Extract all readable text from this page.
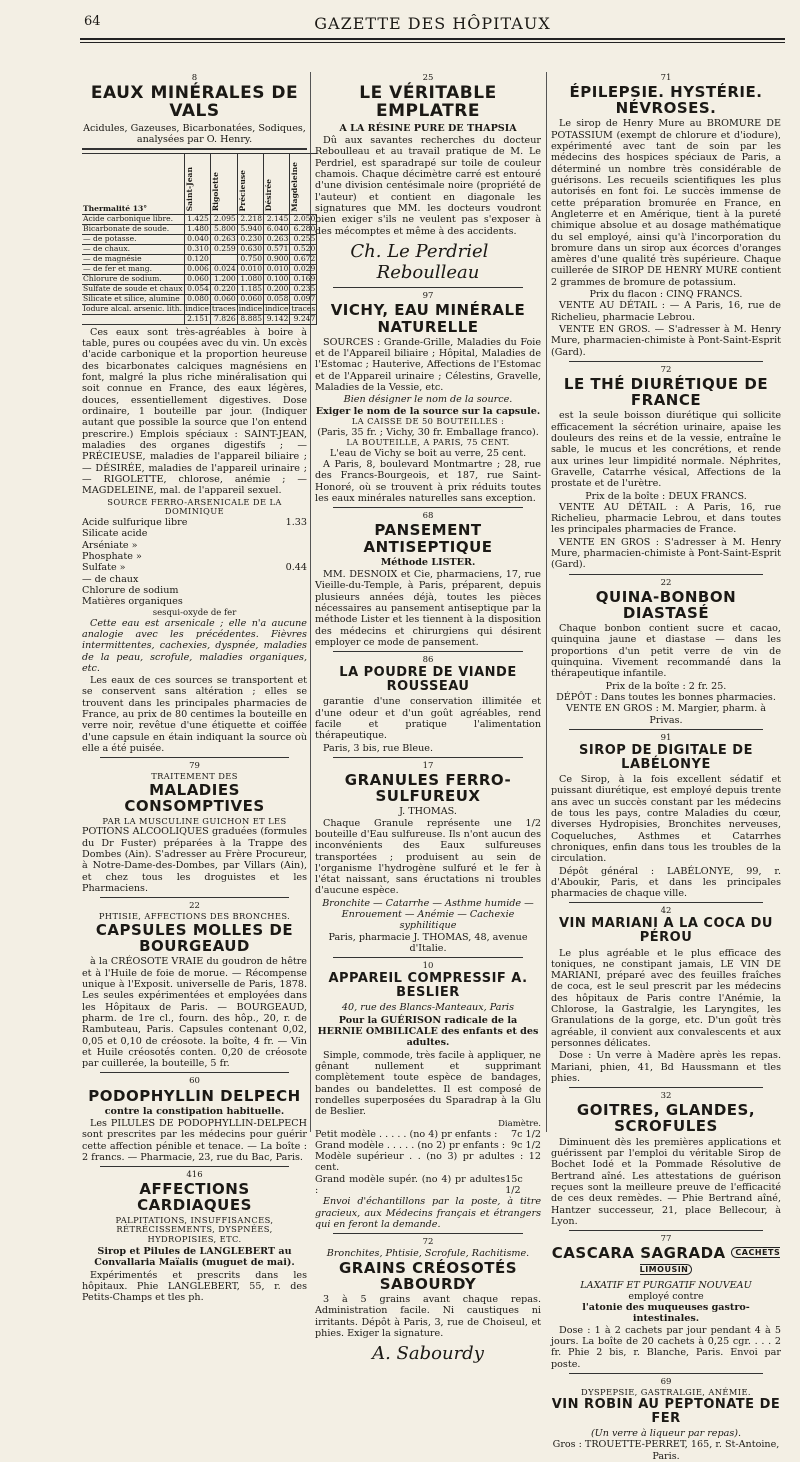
64	GAZETTE DES HÔPITAUX
8
EAUX MINÉRALES DE VALS
Acidules, Gazeuses, Bicarbonatées, Sodiques, analysées par O. Henry.
Thermalité 13°	Saint-Jean	Rigolette	Précieuse	Désirée	Magdeleine
Acide carbonique libre.	1.425	2.095	2.218	2.145	2.050
Bicarbonate de soude.	1.480	5.800	5.940	6.040	6.280
— de potasse.	0.040	0.263	0.230	0.263	0.255
— de chaux.	0.310	0.259	0.630	0.571	0.520
— de magnésie	0.120		0.750	0.900	0.672
— de fer et mang.	0.006	0.024	0.010	0.010	0.029
Chlorure de sodium.	0.060	1.200	1.080	0.100	0.169
Sulfate de soude et chaux	0.054	0.220	1.185	0.200	0.235
Silicate et silice, alumine	0.080	0.060	0.060	0.058	0.097
Iodure alcal. arsenic. lith.	indice	traces	indice	indice	traces
	2.151	7.826	8.885	9.142	9.247

Ces eaux sont très-agréables à boire à table, pures ou coupées avec du vin. Un excès d'acide carbonique et la proportion heureuse des bicarbonates calciques magnésiens en font, malgré la plus riche minéralisation qui soit connue en France, des eaux légères, douces, essentiellement digestives. Dose ordinaire, 1 bouteille par jour. (Indiquer autant que possible la source que l'on entend prescrire.) Emplois spéciaux : SAINT-JEAN, maladies des organes digestifs ; — PRÉCIEUSE, maladies de l'appareil biliaire ; — DÉSIRÉE, maladies de l'appareil urinaire ; — RIGOLETTE, chlorose, anémie ; — MAGDELEINE, mal. de l'appareil sexuel.

SOURCE FERRO-ARSENICALE DE LA DOMINIQUE
Acide sulfurique libre	1.33
Silicate acide
Arséniate »
Phosphate »
Sulfate »	0.44
— de chaux
Chlorure de sodium
Matières organiques
sesqui-oxyde de fer

Cette eau est arsenicale ; elle n'a aucune analogie avec les précédentes. Fièvres intermittentes, cachexies, dyspnée, maladies de la peau, scrofule, maladies organiques, etc.

Les eaux de ces sources se transportent et se conservent sans altération ; elles se trouvent dans les principales pharmacies de France, au prix de 80 centimes la bouteille en verre noir, revêtue d'une étiquette et coiffée d'une capsule en étain indiquant la source où elle a été puisée.

79
TRAITEMENT DES
MALADIES CONSOMPTIVES
PAR LA MUSCULINE GUICHON ET LES

POTIONS ALCOOLIQUES graduées (formules du Dr Fuster) préparées à la Trappe des Dombes (Ain). S'adresser au Frère Procureur, à Notre-Dame-des-Dombes, par Villars (Ain), et chez tous les droguistes et les Pharmaciens.

22
PHTISIE, AFFECTIONS DES BRONCHES.
CAPSULES MOLLES DE BOURGEAUD

à la CRÉOSOTE VRAIE du goudron de hêtre et à l'Huile de foie de morue. — Récompense unique à l'Exposit. universelle de Paris, 1878. Les seules expérimentées et employées dans les Hôpitaux de Paris. — BOURGEAUD, pharm. de 1re cl., fourn. des hôp., 20, r. de Rambuteau, Paris. Capsules contenant 0,02, 0,05 et 0,10 de créosote. la boîte, 4 fr. — Vin et Huile créosotés conten. 0,20 de créosote par cuillerée, la bouteille, 5 fr.

60
PODOPHYLLIN DELPECH
contre la constipation habituelle.

Les PILULES DE PODOPHYLLIN-DELPECH sont prescrites par les médecins pour guérir cette affection pénible et tenace. — La boîte : 2 francs. — Pharmacie, 23, rue du Bac, Paris.

416
AFFECTIONS CARDIAQUES
PALPITATIONS, INSUFFISANCES, RÉTRÉCISSEMENTS, DYSPNÉES, HYDROPISIES, ETC.
Sirop et Pilules de LANGLEBERT au Convallaria Maïalis (muguet de mai).

Expérimentés et prescrits dans les hôpitaux. Phie LANGLEBERT, 55, r. des Petits-Champs et tles ph.

25
LE VÉRITABLE EMPLATRE
A LA RÉSINE PURE DE THAPSIA

Dû aux savantes recherches du docteur Reboulleau et au travail pratique de M. Le Perdriel, est sparadrapé sur toile de couleur chamois. Chaque décimètre carré est entouré d'une division centésimale noire (propriété de l'auteur) et contient en diagonale les signatures que MM. les docteurs voudront bien exiger s'ils ne veulent pas s'exposer à des mécomptes et même à des accidents.

Ch. Le Perdriel    Reboulleau
97
VICHY, EAU MINÉRALE NATURELLE

SOURCES : Grande-Grille, Maladies du Foie et de l'Appareil biliaire ; Hôpital, Maladies de l'Estomac ; Hauterive, Affections de l'Estomac et de l'Appareil urinaire ; Célestins, Gravelle, Maladies de la Vessie, etc.

Bien désigner le nom de la source.
Exiger le nom de la source sur la capsule.
LA CAISSE DE 50 BOUTEILLES :
(Paris, 35 fr. ; Vichy, 30 fr. Emballage franco).
LA BOUTEILLE, A PARIS, 75 CENT.
L'eau de Vichy se boit au verre, 25 cent.

A Paris, 8, boulevard Montmartre ; 28, rue des Francs-Bourgeois, et 187, rue Saint-Honoré, où se trouvent à prix réduits toutes les eaux minérales naturelles sans exception.

68
PANSEMENT ANTISEPTIQUE
Méthode LISTER.

MM. DESNOIX et Cie, pharmaciens, 17, rue Vieille-du-Temple, à Paris, préparent, depuis plusieurs années déjà, toutes les pièces nécessaires au pansement antiseptique par la méthode Lister et les tiennent à la disposition des médecins et chirurgiens qui désirent employer ce mode de pansement.

86
LA POUDRE DE VIANDE ROUSSEAU

garantie d'une conservation illimitée et d'une odeur et d'un goût agréables, rend facile et pratique l'alimentation thérapeutique.

Paris, 3 bis, rue Bleue.

17
GRANULES FERRO-SULFUREUX
J. THOMAS.

Chaque Granule représente une 1/2 bouteille d'Eau sulfureuse. Ils n'ont aucun des inconvénients des Eaux sulfureuses transportées ; produisent au sein de l'organisme l'hydrogène sulfuré et le fer à l'état naissant, sans éructations ni troubles d'aucune espèce.

Bronchite — Catarrhe — Asthme humide — Enrouement — Anémie — Cachexie syphilitique
Paris, pharmacie J. THOMAS, 48, avenue d'Italie.
10
APPAREIL COMPRESSIF A. BESLIER
40, rue des Blancs-Manteaux, Paris
Pour la GUÉRISON radicale de la HERNIE OMBILICALE des enfants et des adultes.

Simple, commode, très facile à appliquer, ne gênant nullement et supprimant complètement toute espèce de bandages, bandes ou bandelettes. Il est composé de rondelles superposées du Sparadrap à la Glu de Beslier.

Diamètre.
Petit modèle . . . . . (no 4) pr enfants : 7c 1/2
Grand modèle . . . . . (no 2) pr enfants : 9c 1/2
Modèle supérieur . . (no 3) pr adultes : 12 cent.
Grand modèle supér. (no 4) pr adultes :
15c 1/2

Envoi d'échantillons par la poste, à titre gracieux, aux Médecins français et étrangers qui en feront la demande.

72
Bronchites, Phtisie, Scrofule, Rachitisme.
GRAINS CRÉOSOTÉS SABOURDY

3 à 5 grains avant chaque repas. Administration facile. Ni caustiques ni irritants. Dépôt à Paris, 3, rue de Choiseul, et phies. Exiger la signature.

A. Sabourdy
71
ÉPILEPSIE. HYSTÉRIE. NÉVROSES.

Le sirop de Henry Mure au BROMURE DE POTASSIUM (exempt de chlorure et d'iodure), expérimenté avec tant de soin par les médecins des hospices spéciaux de Paris, a déterminé un nombre très considérable de guérisons. Les recueils scientifiques les plus autorisés en font foi. Le succès immense de cette préparation bromurée en France, en Angleterre et en Amérique, tient à la pureté chimique absolue et au dosage mathématique du sel employé, ainsi qu'à l'incorporation du bromure dans un sirop aux écorces d'oranges amères d'une qualité très supérieure. Chaque cuillerée de SIROP DE HENRY MURE contient 2 grammes de bromure de potassium.

Prix du flacon : CINQ FRANCS.

VENTE AU DÉTAIL : — A Paris, 16, rue de Richelieu, pharmacie Lebrou.

VENTE EN GROS. — S'adresser à M. Henry Mure, pharmacien-chimiste à Pont-Saint-Esprit (Gard).

72
LE THÉ DIURÉTIQUE DE FRANCE

est la seule boisson diurétique qui sollicite efficacement la sécrétion urinaire, apaise les douleurs des reins et de la vessie, entraîne le sable, le mucus et les concrétions, et rende aux urines leur limpidité normale. Néphrites, Gravelle, Catarrhe vésical, Affections de la prostate et de l'urètre.

Prix de la boîte : DEUX FRANCS.

VENTE AU DÉTAIL : A Paris, 16, rue Richelieu, pharmacie Lebrou, et dans toutes les principales pharmacies de France.

VENTE EN GROS : S'adresser à M. Henry Mure, pharmacien-chimiste à Pont-Saint-Esprit (Gard).

22
QUINA-BONBON DIASTASÉ

Chaque bonbon contient sucre et cacao, quinquina jaune et diastase — dans les proportions d'un petit verre de vin de quinquina. Vivement recommandé dans la thérapeutique infantile.

Prix de la boîte : 2 fr. 25.
DÉPÔT : Dans toutes les bonnes pharmacies.
VENTE EN GROS : M. Margier, pharm. à Privas.
91
SIROP DE DIGITALE DE LABÉLONYE

Ce Sirop, à la fois excellent sédatif et puissant diurétique, est employé depuis trente ans avec un succès constant par les médecins de tous les pays, contre Maladies du cœur, diverses Hydropisies, Bronchites nerveuses, Coqueluches, Asthmes et Catarrhes chroniques, enfin dans tous les troubles de la circulation.

Dépôt général : LABÉLONYE, 99, r. d'Aboukir, Paris, et dans les principales pharmacies de chaque ville.

42
VIN MARIANI A LA COCA DU PÉROU

Le plus agréable et le plus efficace des toniques, ne constipant jamais, LE VIN DE MARIANI, préparé avec des feuilles fraîches de coca, est le seul prescrit par les médecins des hôpitaux de Paris contre l'Anémie, la Chlorose, la Gastralgie, les Laryngites, les Granulations de la gorge, etc. D'un goût très agréable, il convient aux convalescents et aux personnes délicates.

Dose : Un verre à Madère après les repas. Mariani, phien, 41, Bd Haussmann et tles phies.

32
GOITRES, GLANDES, SCROFULES

Diminuent dès les premières applications et guérissent par l'emploi du véritable Sirop de Bochet Iodé et la Pommade Résolutive de Bertrand aîné. Les attestations de guérison reçues sont la meilleure preuve de l'efficacité de ces deux remèdes. — Phie Bertrand aîné, Hantzer successeur, 21, place Bellecour, à Lyon.

77
CASCARA SAGRADA CACHETS LIMOUSIN
LAXATIF ET PURGATIF NOUVEAU
employé contre
l'atonie des muqueuses gastro-intestinales.

Dose : 1 à 2 cachets par jour pendant 4 à 5 jours. La boîte de 20 cachets à 0,25 cgr. . . . 2 fr. Phie 2 bis, r. Blanche, Paris. Envoi par poste.

69
DYSPEPSIE, GASTRALGIE, ANÉMIE.
VIN ROBIN AU PEPTONATE DE FER
(Un verre à liqueur par repas).
Gros : TROUETTE-PERRET, 165, r. St-Antoine, Paris.
